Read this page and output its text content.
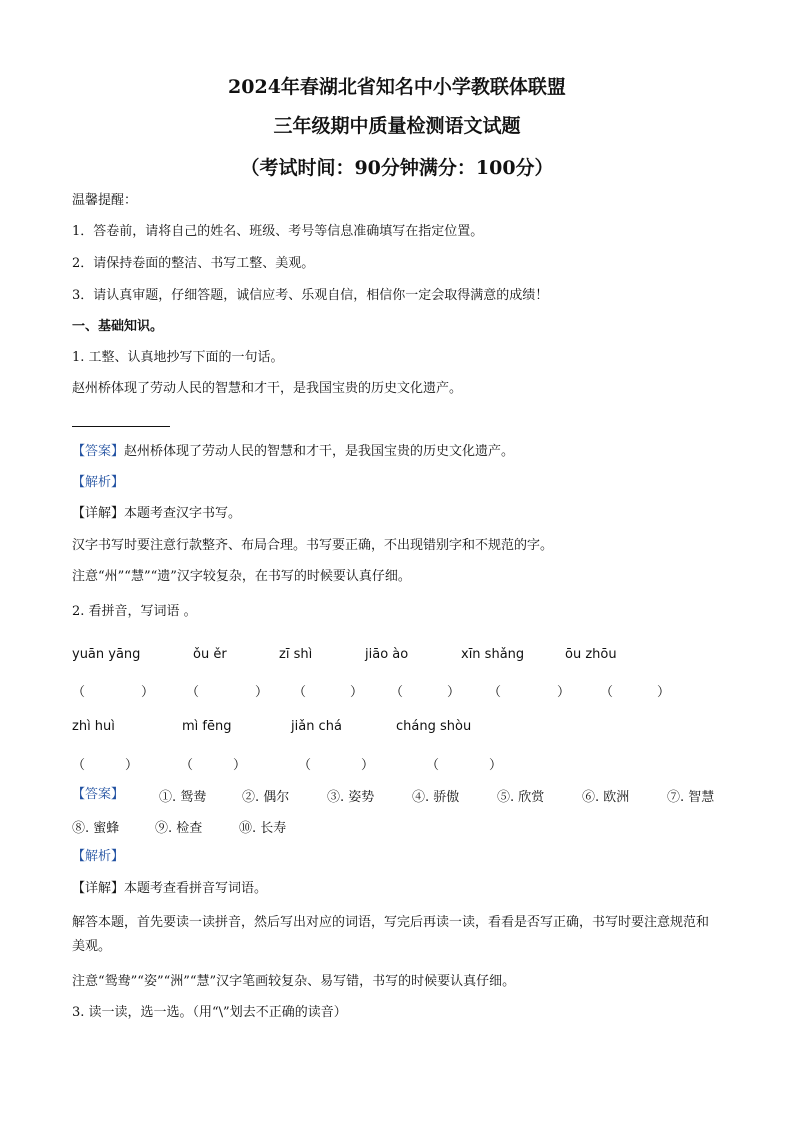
2024年春湖北省知名中小学教联体联盟
三年级期中质量检测语文试题
（考试时间：90分钟满分：100分）
温馨提醒：
1．答卷前，请将自己的姓名、班级、考号等信息准确填写在指定位置。
2．请保持卷面的整洁、书写工整、美观。
3．请认真审题，仔细答题，诚信应考、乐观自信，相信你一定会取得满意的成绩！
一、基础知识。
1. 工整、认真地抄写下面的一句话。
赵州桥体现了劳动人民的智慧和才干，是我国宝贵的历史文化遗产。
【答案】赵州桥体现了劳动人民的智慧和才干，是我国宝贵的历史文化遗产。
【解析】
【详解】本题考查汉字书写。
汉字书写时要注意行款整齐、布局合理。书写要正确，不出现错别字和不规范的字。
注意“州”“慧”“遗”汉字较复杂，在书写的时候要认真仔细。
2. 看拼音，写词语 。
yuān yāng	ǒu ěr	zī shì	jiāo ào	xīn shǎng	ōu zhōu
（	） （	） （	） （	） （	） （	）
zhì huì	mì fēng	jiǎn chá	cháng shòu
（	）	（	）	（	）	（	）
【答案】	①. 鸳鸯	②. 偶尔	③. 姿势	④. 骄傲	⑤. 欣赏	⑥. 欧洲	⑦. 智慧
⑧. 蜜蜂	⑨. 检查	⑩. 长寿
【解析】
【详解】本题考查看拼音写词语。
解答本题，首先要读一读拼音，然后写出对应的词语，写完后再读一读，看看是否写正确，书写时要注意规范和美观。
注意“鸳鸯”“姿”“洲”“慧”汉字笔画较复杂、易写错，书写的时候要认真仔细。
3. 读一读，选一选。（用“\”划去不正确的读音）
